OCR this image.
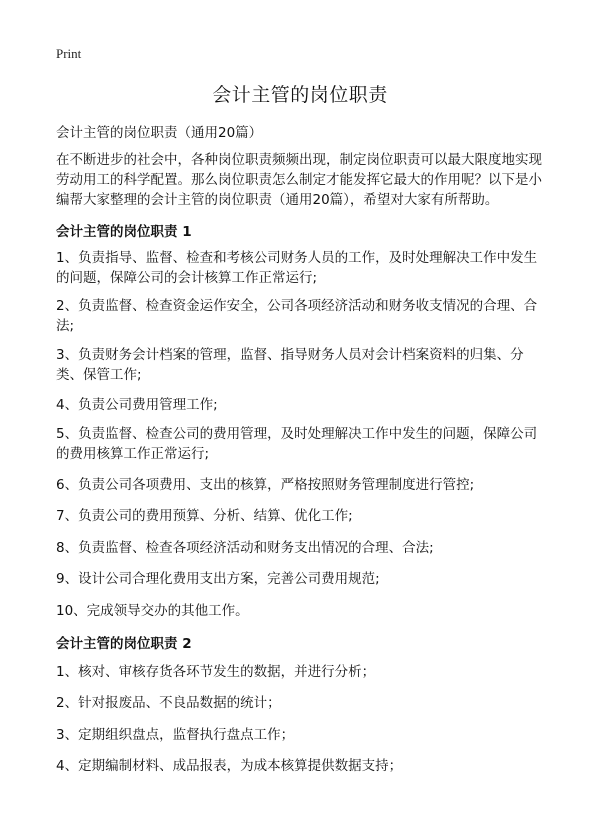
Print
会计主管的岗位职责
会计主管的岗位职责（通用20篇）
在不断进步的社会中，各种岗位职责频频出现，制定岗位职责可以最大限度地实现劳动用工的科学配置。那么岗位职责怎么制定才能发挥它最大的作用呢？以下是小编帮大家整理的会计主管的岗位职责（通用20篇），希望对大家有所帮助。
会计主管的岗位职责 1
1、负责指导、监督、检查和考核公司财务人员的工作，及时处理解决工作中发生的问题，保障公司的会计核算工作正常运行;
2、负责监督、检查资金运作安全，公司各项经济活动和财务收支情况的合理、合法;
3、负责财务会计档案的管理，监督、指导财务人员对会计档案资料的归集、分类、保管工作;
4、负责公司费用管理工作;
5、负责监督、检查公司的费用管理，及时处理解决工作中发生的问题，保障公司的费用核算工作正常运行;
6、负责公司各项费用、支出的核算，严格按照财务管理制度进行管控;
7、负责公司的费用预算、分析、结算、优化工作;
8、负责监督、检查各项经济活动和财务支出情况的合理、合法;
9、设计公司合理化费用支出方案，完善公司费用规范;
10、完成领导交办的其他工作。
会计主管的岗位职责 2
1、核对、审核存货各环节发生的数据，并进行分析；
2、针对报废品、不良品数据的统计；
3、定期组织盘点，监督执行盘点工作；
4、定期编制材料、成品报表，为成本核算提供数据支持；
